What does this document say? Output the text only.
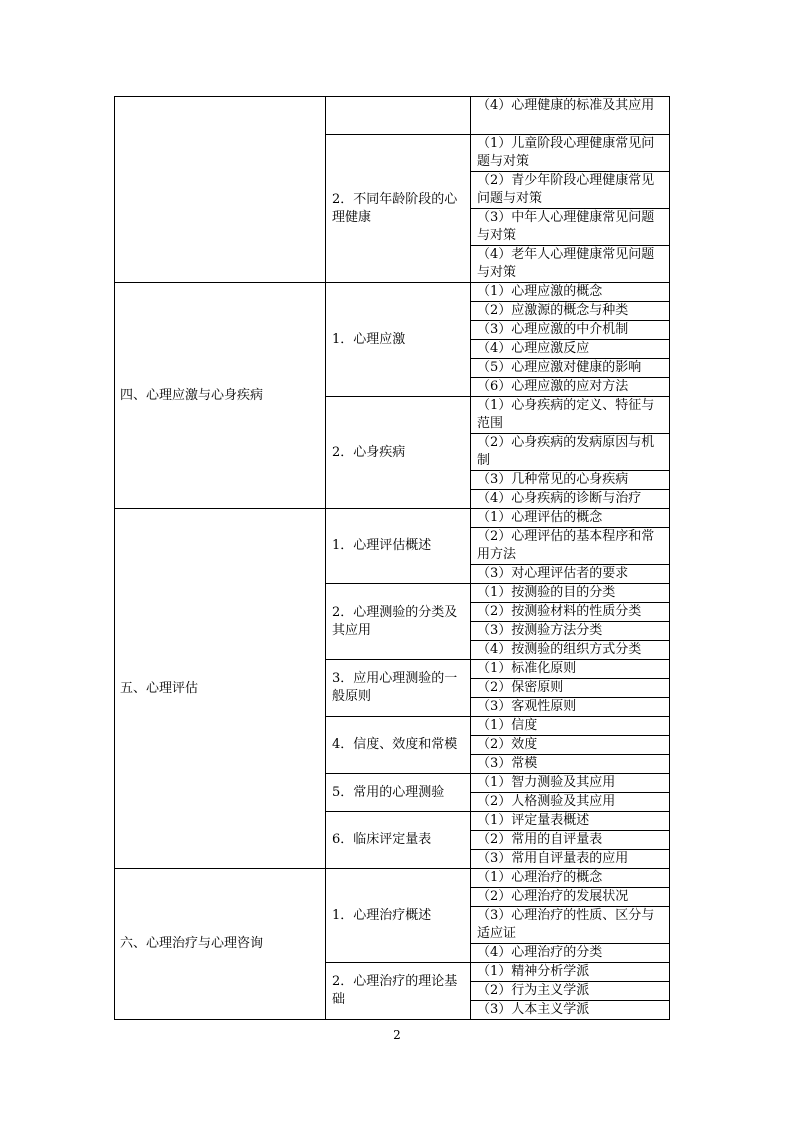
		（4）心理健康的标准及其应用
	2．不同年龄阶段的心理健康	（1）儿童阶段心理健康常见问题与对策
		（2）青少年阶段心理健康常见问题与对策
		（3）中年人心理健康常见问题与对策
		（4）老年人心理健康常见问题与对策
四、心理应激与心身疾病	1．心理应激	（1）心理应激的概念
		（2）应激源的概念与种类
		（3）心理应激的中介机制
		（4）心理应激反应
		（5）心理应激对健康的影响
		（6）心理应激的应对方法
	2．心身疾病	（1）心身疾病的定义、特征与范围
		（2）心身疾病的发病原因与机制
		（3）几种常见的心身疾病
		（4）心身疾病的诊断与治疗
五、心理评估	1．心理评估概述	（1）心理评估的概念
		（2）心理评估的基本程序和常用方法
		（3）对心理评估者的要求
	2．心理测验的分类及其应用	（1）按测验的目的分类
		（2）按测验材料的性质分类
		（3）按测验方法分类
		（4）按测验的组织方式分类
	3．应用心理测验的一般原则	（1）标准化原则
		（2）保密原则
		（3）客观性原则
	4．信度、效度和常模	（1）信度
		（2）效度
		（3）常模
	5．常用的心理测验	（1）智力测验及其应用
		（2）人格测验及其应用
	6．临床评定量表	（1）评定量表概述
		（2）常用的自评量表
		（3）常用自评量表的应用
六、心理治疗与心理咨询	1．心理治疗概述	（1）心理治疗的概念
		（2）心理治疗的发展状况
		（3）心理治疗的性质、区分与适应证
		（4）心理治疗的分类
	2．心理治疗的理论基础	（1）精神分析学派
		（2）行为主义学派
		（3）人本主义学派
2
